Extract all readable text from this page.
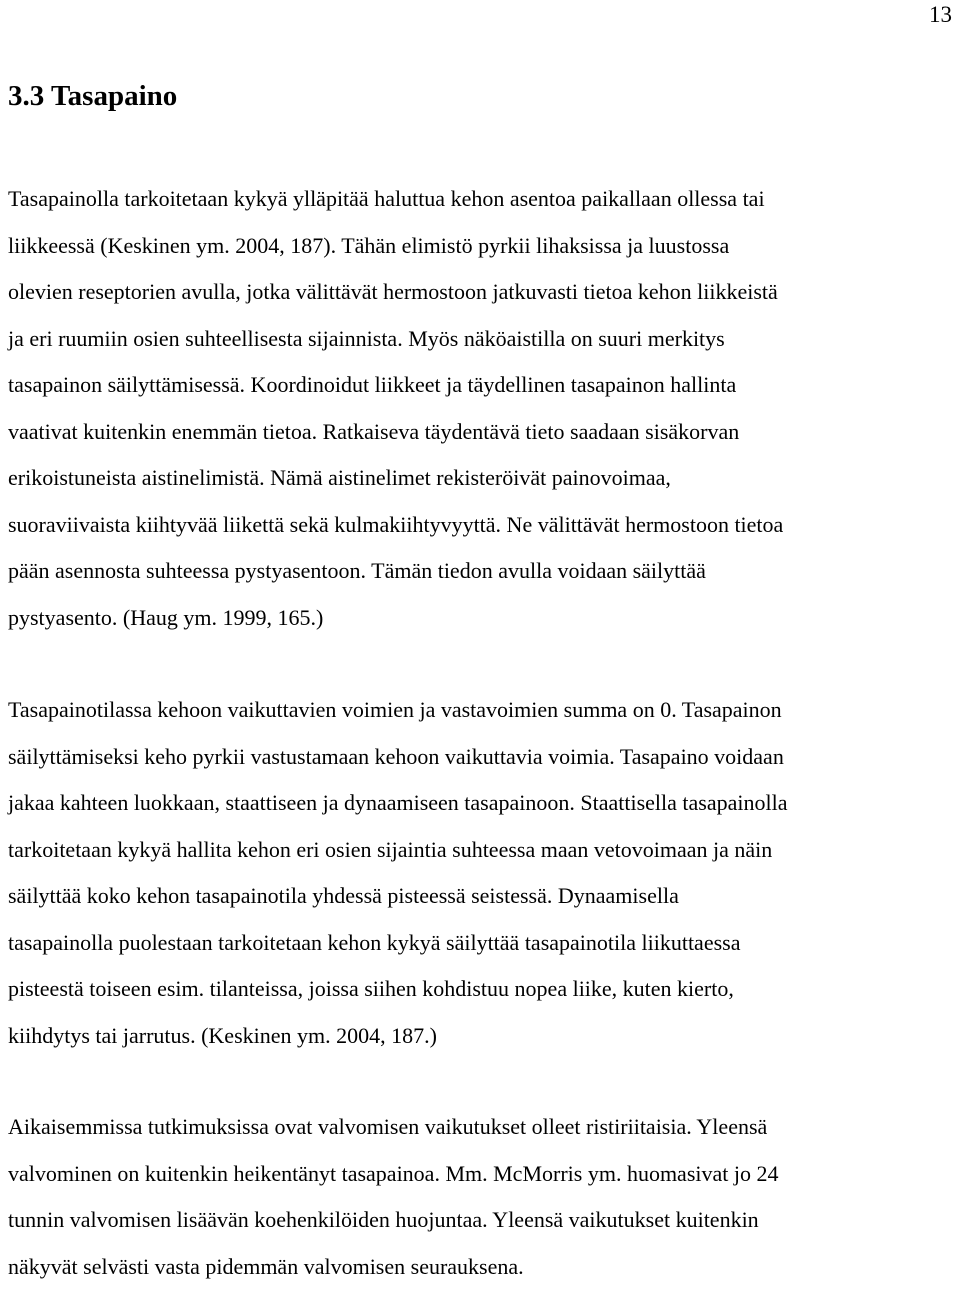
13
3.3 Tasapaino
Tasapainolla tarkoitetaan kykyä ylläpitää haluttua kehon asentoa paikallaan ollessa tai
liikkeessä (Keskinen ym. 2004, 187). Tähän elimistö pyrkii lihaksissa ja luustossa
olevien reseptorien avulla, jotka välittävät hermostoon jatkuvasti tietoa kehon liikkeistä
ja eri ruumiin osien suhteellisesta sijainnista. Myös näköaistilla on suuri merkitys
tasapainon säilyttämisessä. Koordinoidut liikkeet ja täydellinen tasapainon hallinta
vaativat kuitenkin enemmän tietoa. Ratkaiseva täydentävä tieto saadaan sisäkorvan
erikoistuneista aistinelimistä. Nämä aistinelimet rekisteröivät painovoimaa,
suoraviivaista kiihtyvää liikettä sekä kulmakiihtyvyyttä. Ne välittävät hermostoon tietoa
pään asennosta suhteessa pystyasentoon. Tämän tiedon avulla voidaan säilyttää
pystyasento. (Haug ym. 1999, 165.)
Tasapainotilassa kehoon vaikuttavien voimien ja vastavoimien summa on 0. Tasapainon
säilyttämiseksi keho pyrkii vastustamaan kehoon vaikuttavia voimia. Tasapaino voidaan
jakaa kahteen luokkaan, staattiseen ja dynaamiseen tasapainoon. Staattisella tasapainolla
tarkoitetaan kykyä hallita kehon eri osien sijaintia suhteessa maan vetovoimaan ja näin
säilyttää koko kehon tasapainotila yhdessä pisteessä seistessä. Dynaamisella
tasapainolla puolestaan tarkoitetaan kehon kykyä säilyttää tasapainotila liikuttaessa
pisteestä toiseen esim. tilanteissa, joissa siihen kohdistuu nopea liike, kuten kierto,
kiihdytys tai jarrutus. (Keskinen ym. 2004, 187.)
Aikaisemmissa tutkimuksissa ovat valvomisen vaikutukset olleet ristiriitaisia. Yleensä
valvominen on kuitenkin heikentänyt tasapainoa. Mm. McMorris ym. huomasivat jo 24
tunnin valvomisen lisäävän koehenkilöiden huojuntaa. Yleensä vaikutukset kuitenkin
näkyvät selvästi vasta pidemmän valvomisen seurauksena.
